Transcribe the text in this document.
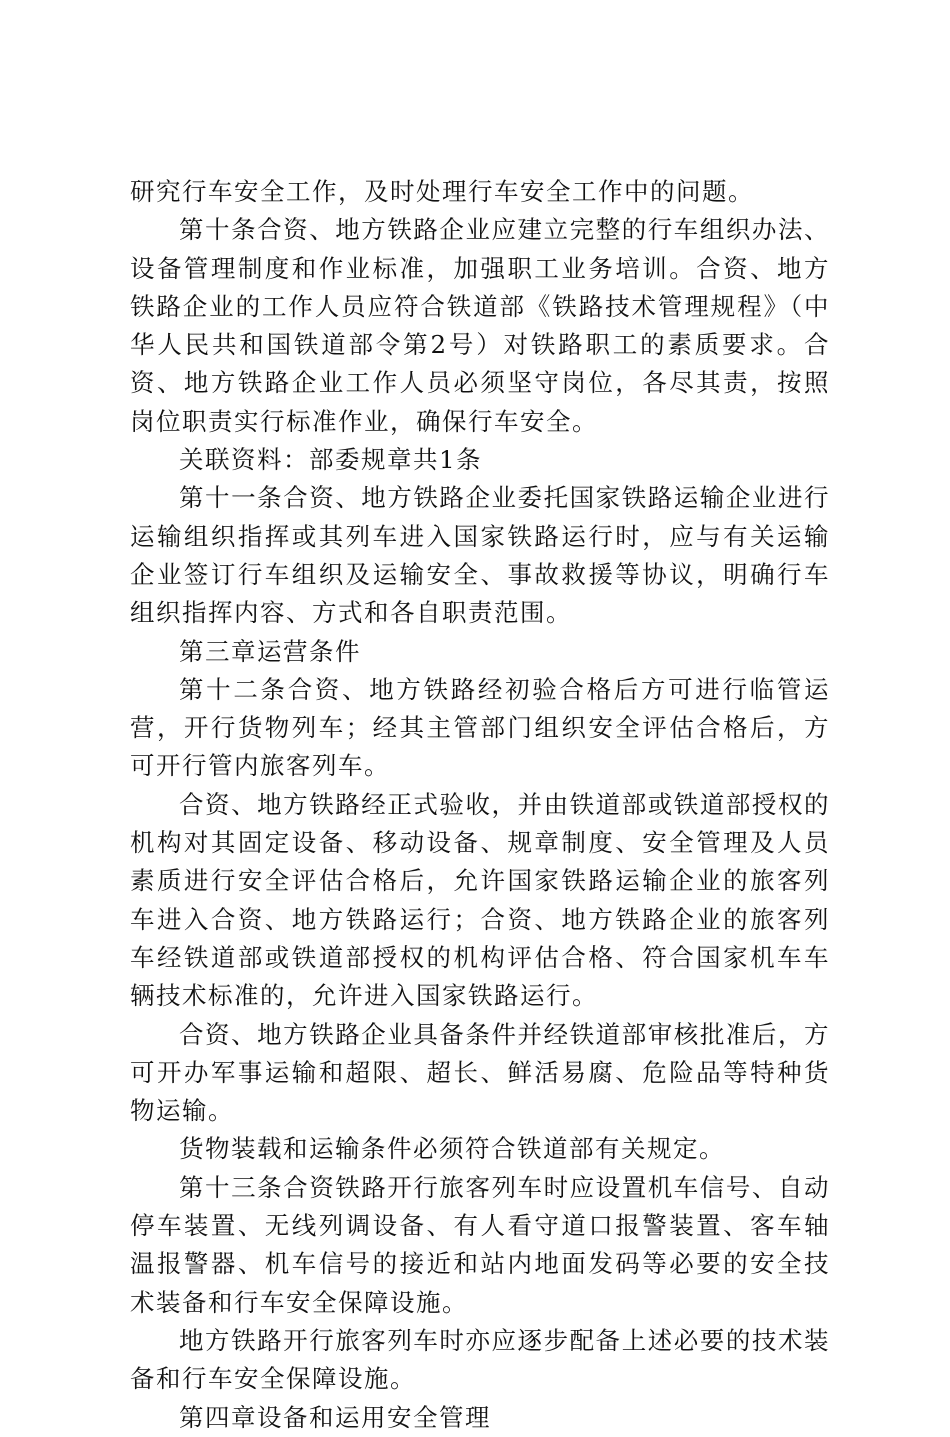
研究行车安全工作，及时处理行车安全工作中的问题。

第十条合资、地方铁路企业应建立完整的行车组织办法、设备管理制度和作业标准，加强职工业务培训。合资、地方铁路企业的工作人员应符合铁道部《铁路技术管理规程》（中华人民共和国铁道部令第2号）对铁路职工的素质要求。合资、地方铁路企业工作人员必须坚守岗位，各尽其责，按照岗位职责实行标准作业，确保行车安全。

关联资料：部委规章共1条

第十一条合资、地方铁路企业委托国家铁路运输企业进行运输组织指挥或其列车进入国家铁路运行时，应与有关运输企业签订行车组织及运输安全、事故救援等协议，明确行车组织指挥内容、方式和各自职责范围。

第三章运营条件

第十二条合资、地方铁路经初验合格后方可进行临管运营，开行货物列车；经其主管部门组织安全评估合格后，方可开行管内旅客列车。

合资、地方铁路经正式验收，并由铁道部或铁道部授权的机构对其固定设备、移动设备、规章制度、安全管理及人员素质进行安全评估合格后，允许国家铁路运输企业的旅客列车进入合资、地方铁路运行；合资、地方铁路企业的旅客列车经铁道部或铁道部授权的机构评估合格、符合国家机车车辆技术标准的，允许进入国家铁路运行。

合资、地方铁路企业具备条件并经铁道部审核批准后，方可开办军事运输和超限、超长、鲜活易腐、危险品等特种货物运输。

货物装载和运输条件必须符合铁道部有关规定。

第十三条合资铁路开行旅客列车时应设置机车信号、自动停车装置、无线列调设备、有人看守道口报警装置、客车轴温报警器、机车信号的接近和站内地面发码等必要的安全技术装备和行车安全保障设施。

地方铁路开行旅客列车时亦应逐步配备上述必要的技术装备和行车安全保障设施。

第四章设备和运用安全管理
